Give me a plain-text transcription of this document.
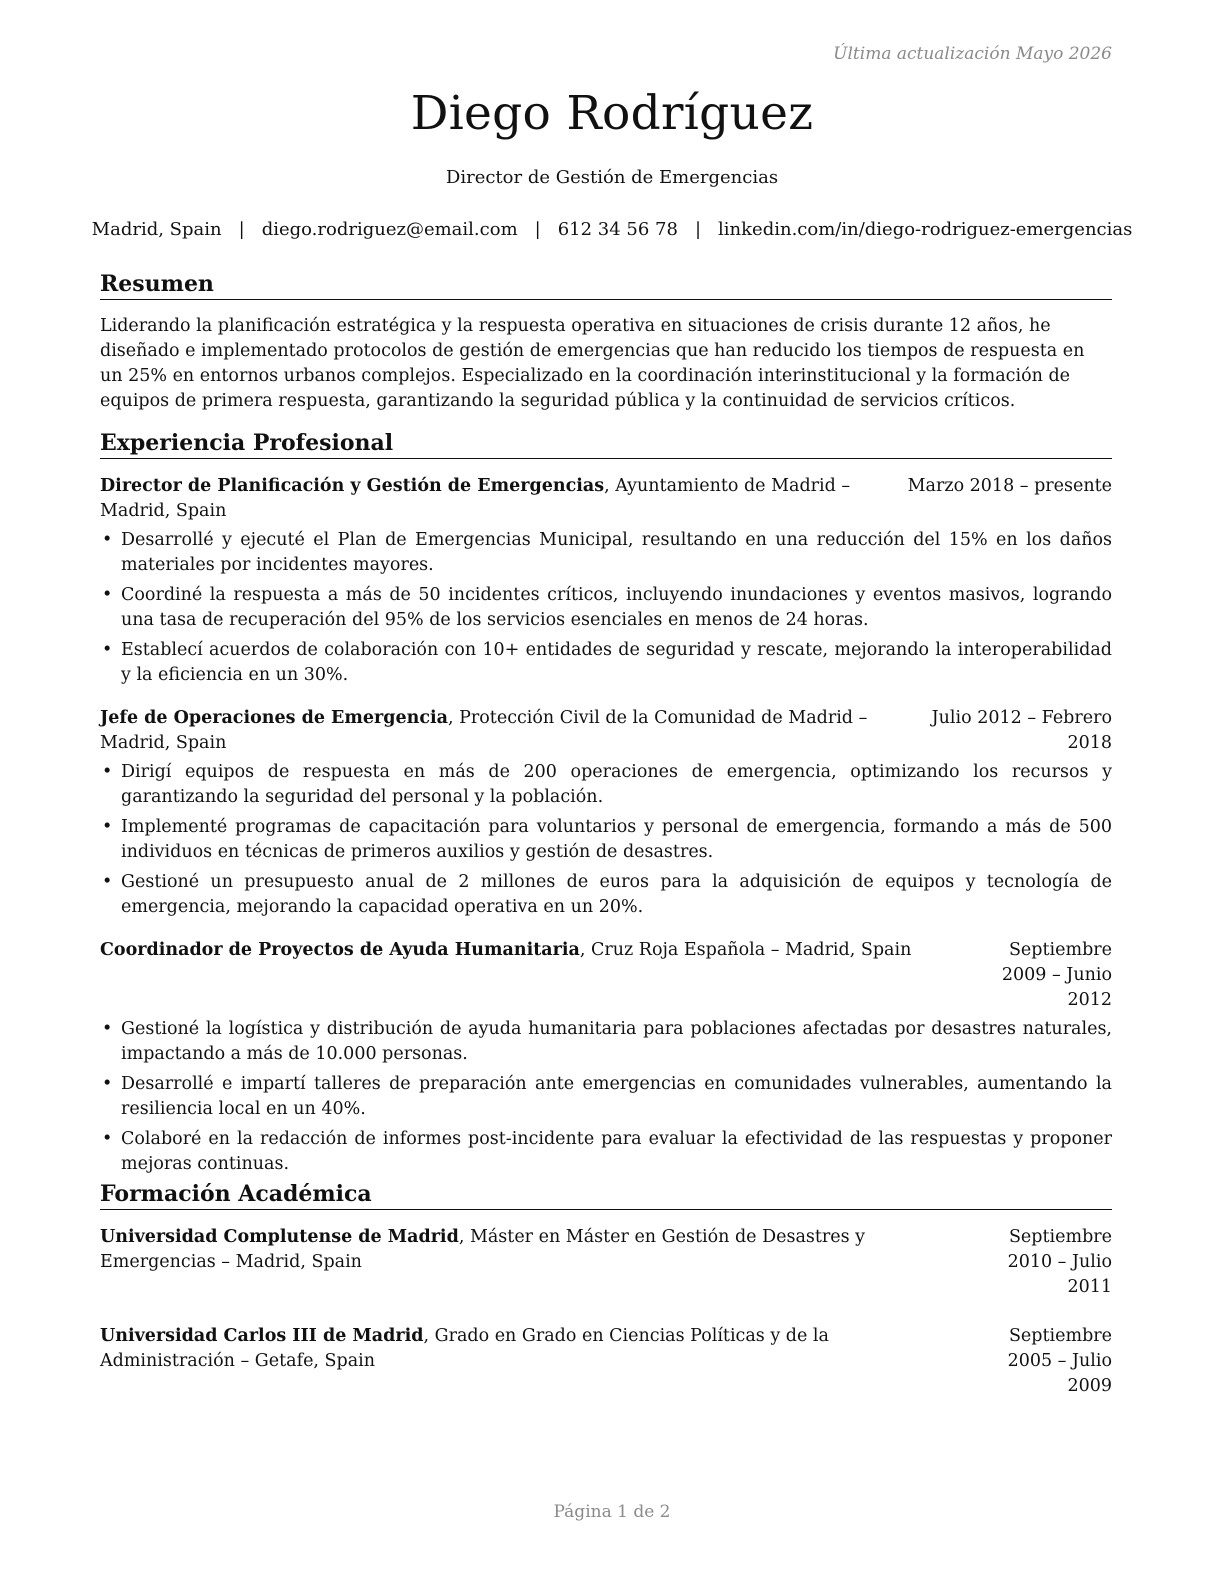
Última actualización Mayo 2026
Diego Rodríguez
Director de Gestión de Emergencias
Madrid, Spain | diego.rodriguez@email.com | 612 34 56 78 | linkedin.com/in/diego-rodriguez-emergencias
Resumen
Liderando la planificación estratégica y la respuesta operativa en situaciones de crisis durante 12 años, he diseñado e implementado protocolos de gestión de emergencias que han reducido los tiempos de respuesta en un 25% en entornos urbanos complejos. Especializado en la coordinación interinstitucional y la formación de equipos de primera respuesta, garantizando la seguridad pública y la continuidad de servicios críticos.
Experiencia Profesional
Director de Planificación y Gestión de Emergencias, Ayuntamiento de Madrid – Madrid, Spain
Marzo 2018 – presente
• Desarrollé y ejecuté el Plan de Emergencias Municipal, resultando en una reducción del 15% en los daños materiales por incidentes mayores.
• Coordiné la respuesta a más de 50 incidentes críticos, incluyendo inundaciones y eventos masivos, logrando una tasa de recuperación del 95% de los servicios esenciales en menos de 24 horas.
• Establecí acuerdos de colaboración con 10+ entidades de seguridad y rescate, mejorando la interoperabilidad y la eficiencia en un 30%.
Jefe de Operaciones de Emergencia, Protección Civil de la Comunidad de Madrid – Madrid, Spain
Julio 2012 – Febrero 2018
• Dirigí equipos de respuesta en más de 200 operaciones de emergencia, optimizando los recursos y garantizando la seguridad del personal y la población.
• Implementé programas de capacitación para voluntarios y personal de emergencia, formando a más de 500 individuos en técnicas de primeros auxilios y gestión de desastres.
• Gestioné un presupuesto anual de 2 millones de euros para la adquisición de equipos y tecnología de emergencia, mejorando la capacidad operativa en un 20%.
Coordinador de Proyectos de Ayuda Humanitaria, Cruz Roja Española – Madrid, Spain	Septiembre 2009 – Junio 2012
• Gestioné la logística y distribución de ayuda humanitaria para poblaciones afectadas por desastres naturales, impactando a más de 10.000 personas.
• Desarrollé e impartí talleres de preparación ante emergencias en comunidades vulnerables, aumentando la resiliencia local en un 40%.
• Colaboré en la redacción de informes post-incidente para evaluar la efectividad de las respuestas y proponer mejoras continuas.
Formación Académica
Universidad Complutense de Madrid, Máster en Máster en Gestión de Desastres y Emergencias – Madrid, Spain
Septiembre 2010 – Julio 2011
Universidad Carlos III de Madrid, Grado en Grado en Ciencias Políticas y de la Administración – Getafe, Spain
Septiembre 2005 – Julio 2009
Página 1 de 2
